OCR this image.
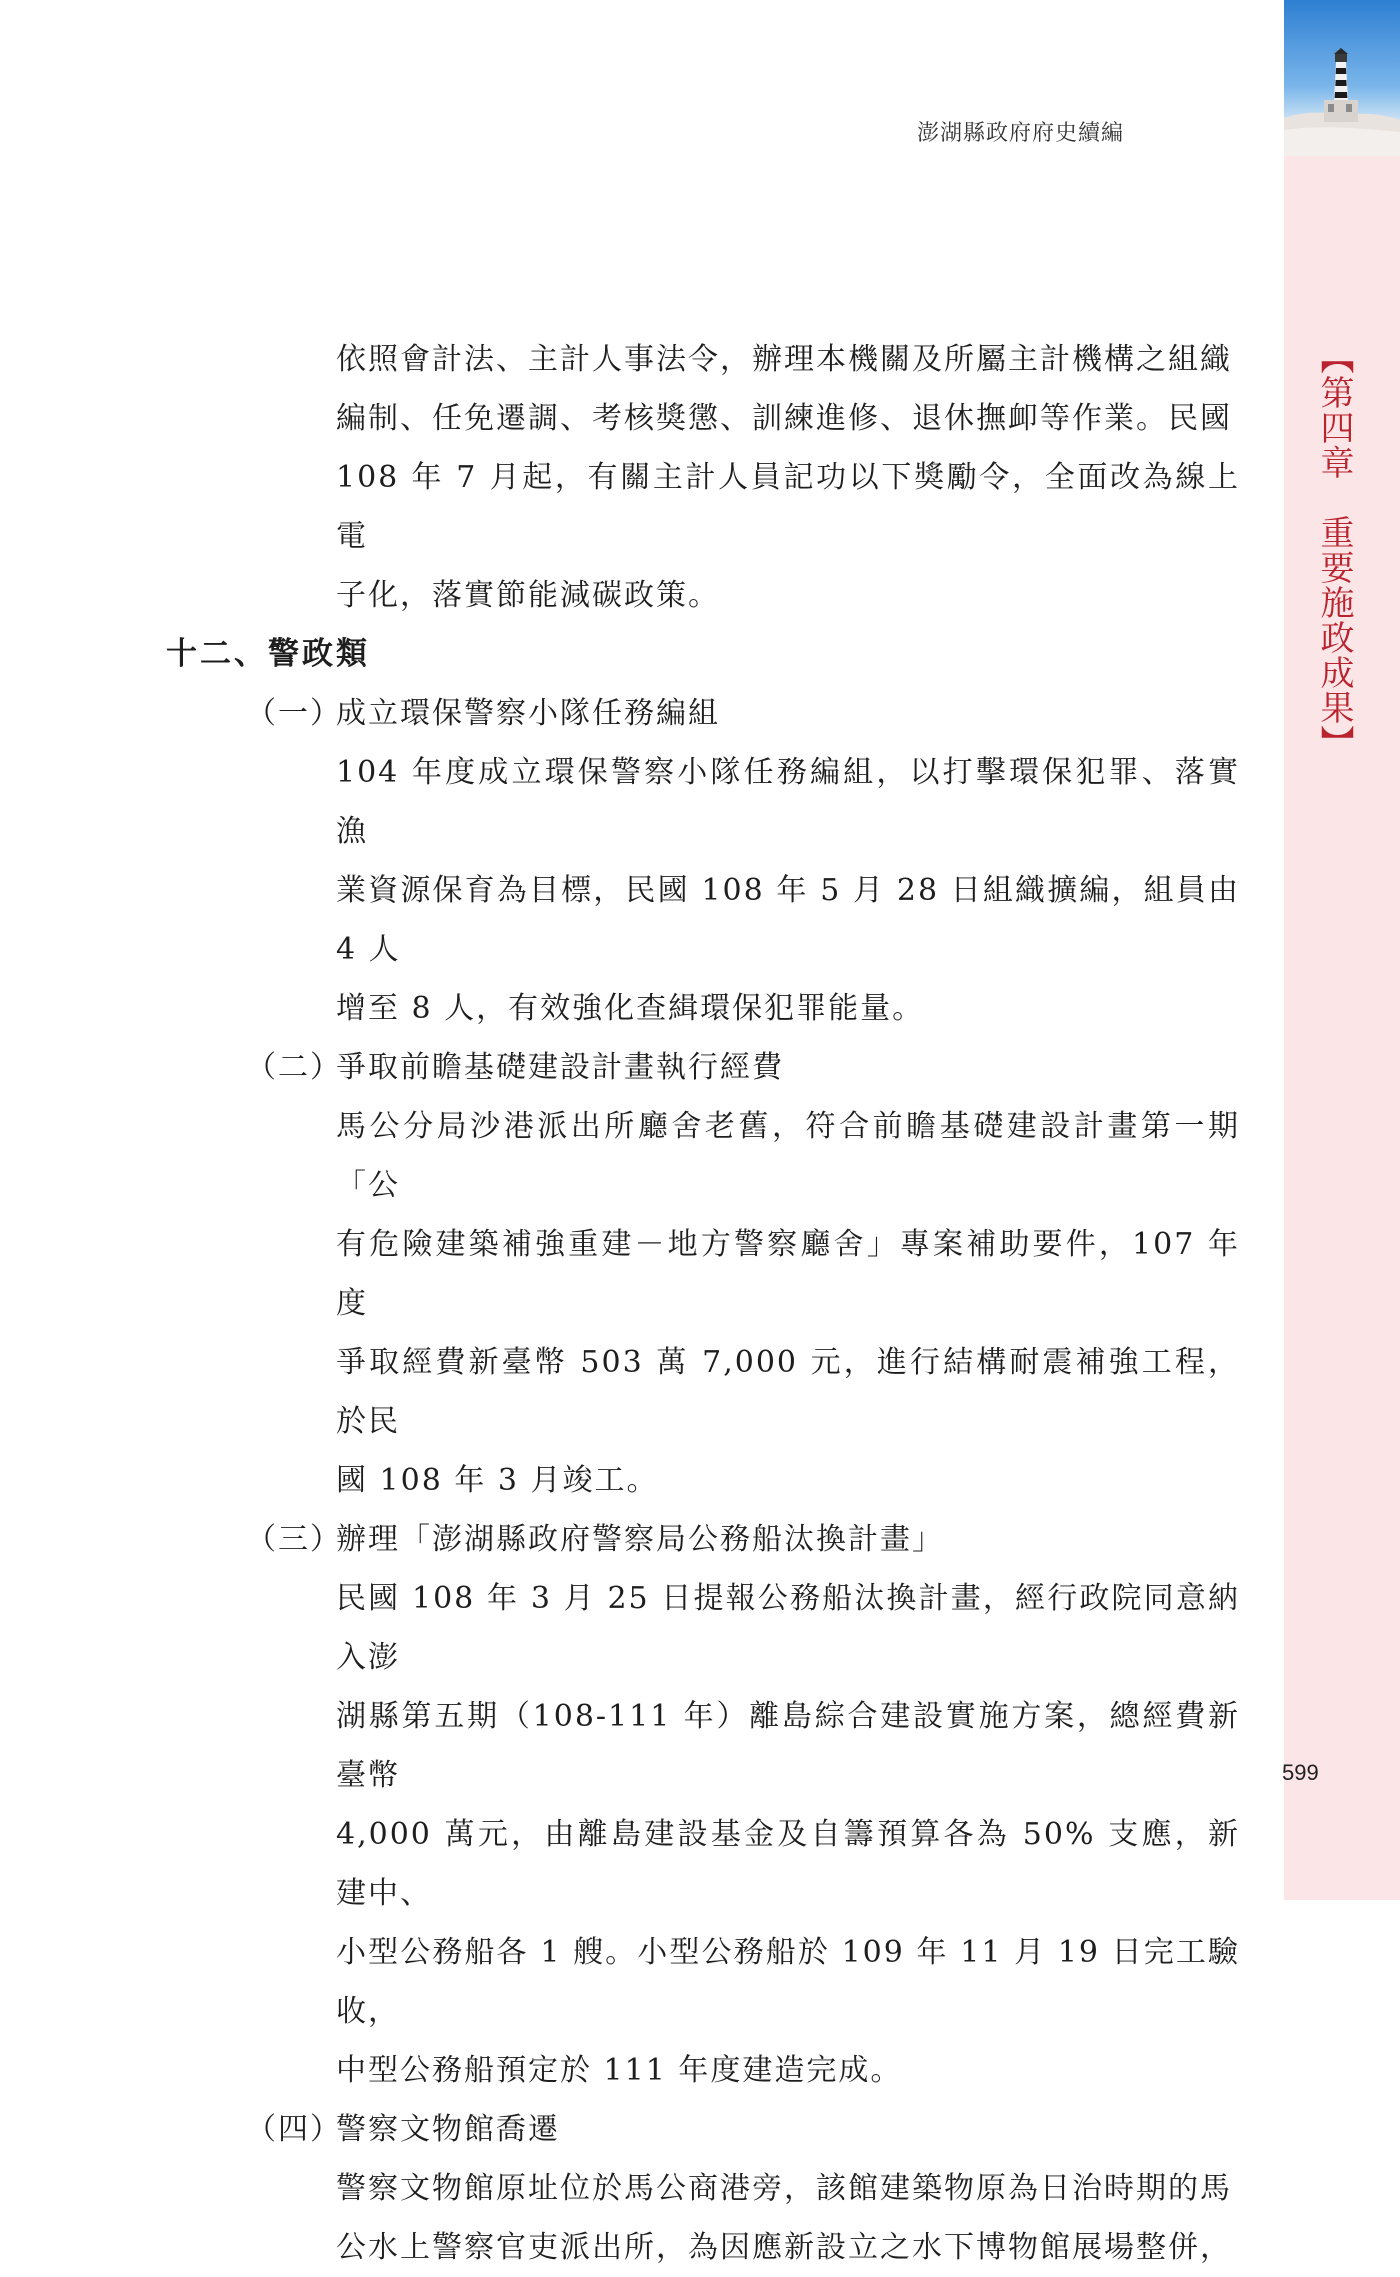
澎湖縣政府府史續編
依照會計法、主計人事法令，辦理本機關及所屬主計機構之組織
編制、任免遷調、考核獎懲、訓練進修、退休撫卹等作業。民國
108 年 7 月起，有關主計人員記功以下獎勵令，全面改為線上電
子化，落實節能減碳政策。
十二、警政類
（一）成立環保警察小隊任務編組
104 年度成立環保警察小隊任務編組，以打擊環保犯罪、落實漁
業資源保育為目標，民國 108 年 5 月 28 日組織擴編，組員由 4 人
增至 8 人，有效強化查緝環保犯罪能量。
（二）爭取前瞻基礎建設計畫執行經費
馬公分局沙港派出所廳舍老舊，符合前瞻基礎建設計畫第一期「公
有危險建築補強重建－地方警察廳舍」專案補助要件，107 年度
爭取經費新臺幣 503 萬 7,000 元，進行結構耐震補強工程，於民
國 108 年 3 月竣工。
（三）辦理「澎湖縣政府警察局公務船汰換計畫」
民國 108 年 3 月 25 日提報公務船汰換計畫，經行政院同意納入澎
湖縣第五期（108-111 年）離島綜合建設實施方案，總經費新臺幣
4,000 萬元，由離島建設基金及自籌預算各為 50% 支應，新建中、
小型公務船各 1 艘。小型公務船於 109 年 11 月 19 日完工驗收，
中型公務船預定於 111 年度建造完成。
（四）警察文物館喬遷
警察文物館原址位於馬公商港旁，該館建築物原為日治時期的馬
公水上警察官吏派出所，為因應新設立之水下博物館展場整併，
【第四章　重要施政成果】
599
